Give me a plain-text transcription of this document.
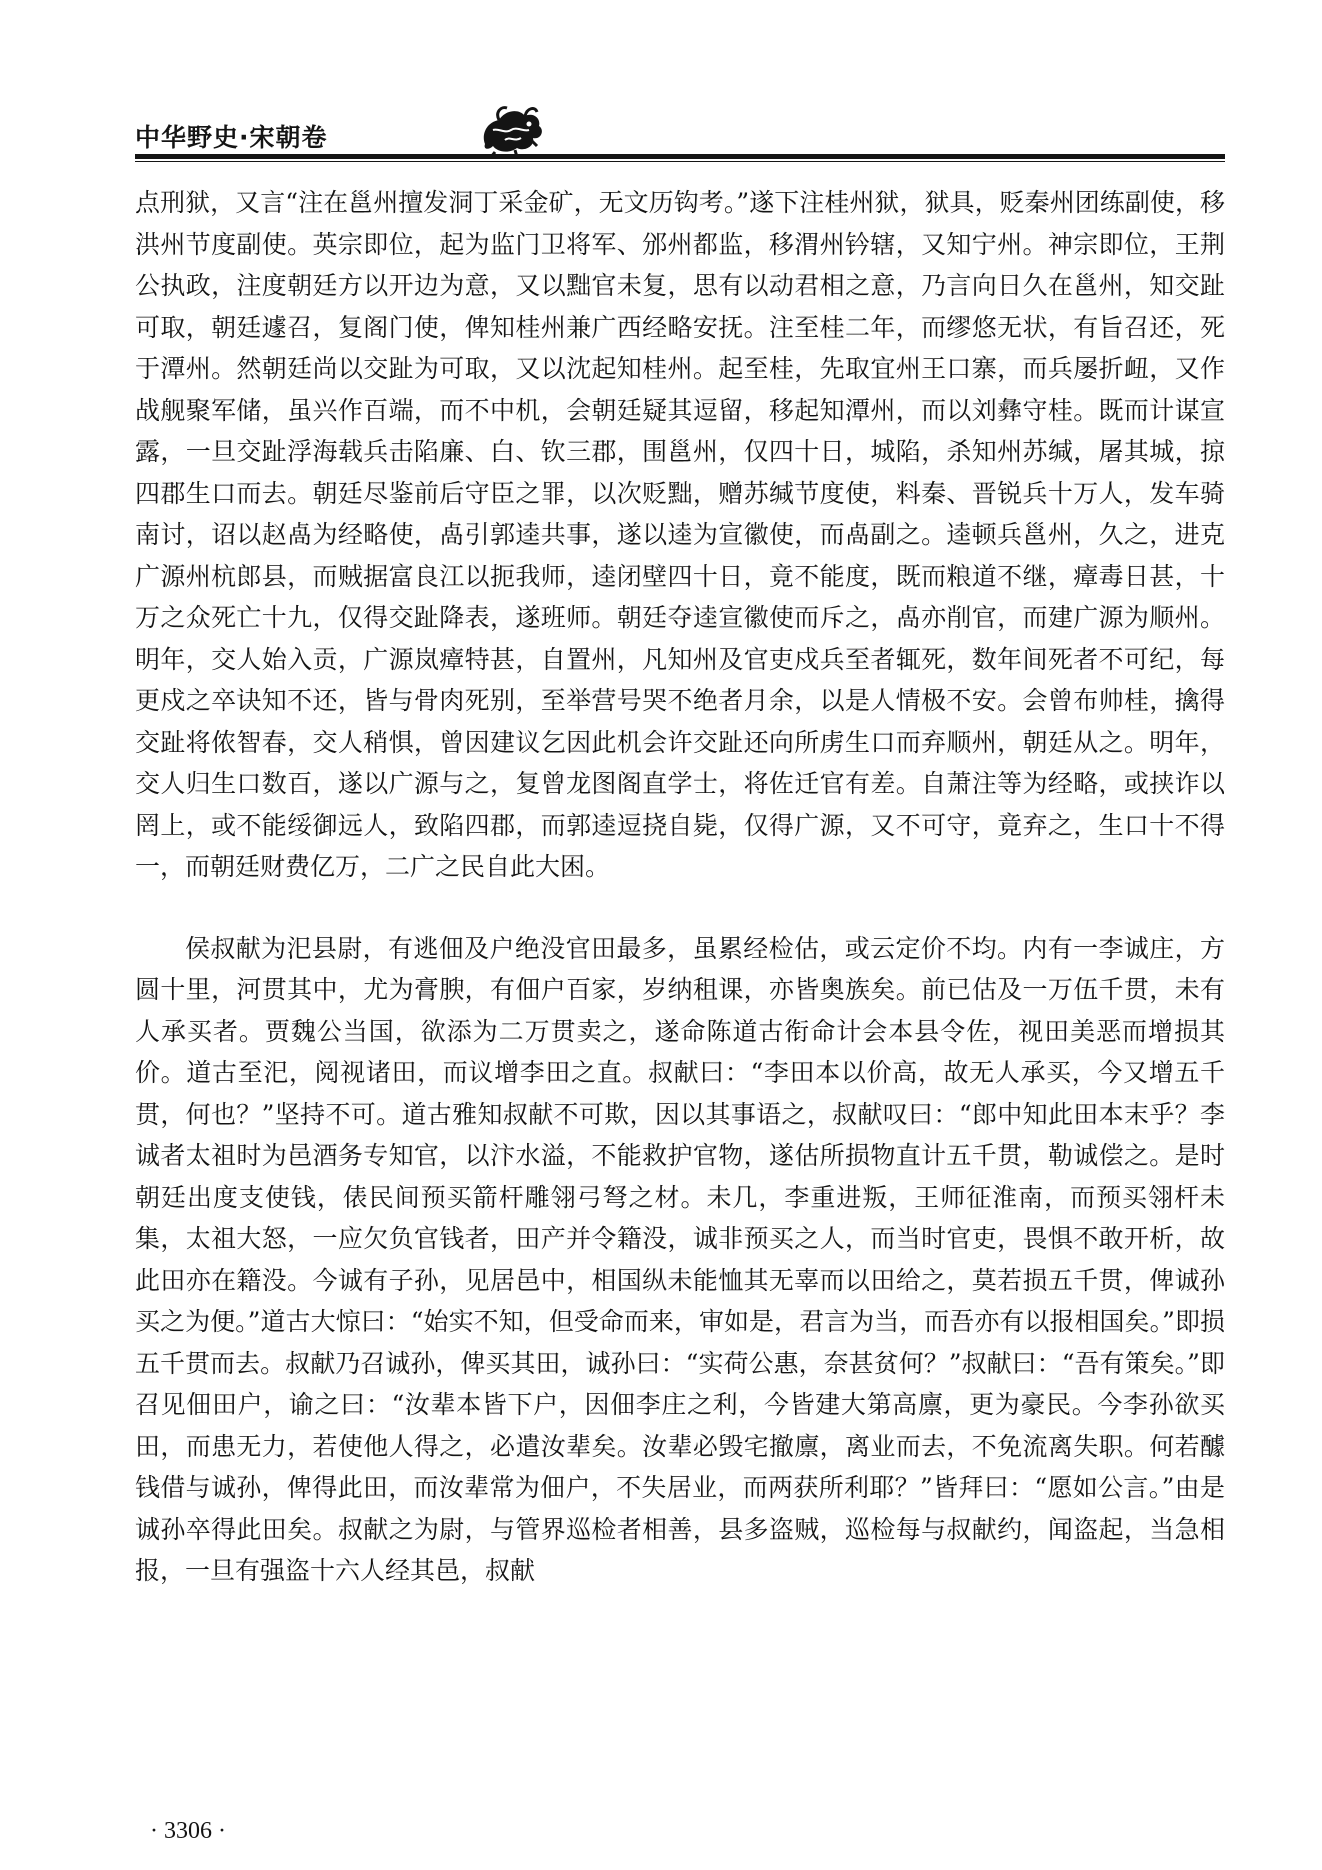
中华野史·宋朝卷

点刑狱，又言“注在邕州擅发洞丁采金矿，无文历钩考。”遂下注桂州狱，狱具，贬秦州团练副使，移洪州节度副使。英宗即位，起为监门卫将军、邠州都监，移渭州钤辖，又知宁州。神宗即位，王荆公执政，注度朝廷方以开边为意，又以黜官未复，思有以动君相之意，乃言向日久在邕州，知交趾可取，朝廷遽召，复阁门使，俾知桂州兼广西经略安抚。注至桂二年，而缪悠无状，有旨召还，死于潭州。然朝廷尚以交趾为可取，又以沈起知桂州。起至桂，先取宜州王口寨，而兵屡折衄，又作战舰聚军储，虽兴作百端，而不中机，会朝廷疑其逗留，移起知潭州，而以刘彝守桂。既而计谋宣露，一旦交趾浮海载兵击陷廉、白、钦三郡，围邕州，仅四十日，城陷，杀知州苏缄，屠其城，掠四郡生口而去。朝廷尽鉴前后守臣之罪，以次贬黜，赠苏缄节度使，料秦、晋锐兵十万人，发车骑南讨，诏以赵卨为经略使，卨引郭逵共事，遂以逵为宣徽使，而卨副之。逵顿兵邕州，久之，进克广源州杭郎县，而贼据富良江以扼我师，逵闭壁四十日，竟不能度，既而粮道不继，瘴毒日甚，十万之众死亡十九，仅得交趾降表，遂班师。朝廷夺逵宣徽使而斥之，卨亦削官，而建广源为顺州。明年，交人始入贡，广源岚瘴特甚，自置州，凡知州及官吏戍兵至者辄死，数年间死者不可纪，每更戍之卒诀知不还，皆与骨肉死别，至举营号哭不绝者月余，以是人情极不安。会曾布帅桂，擒得交趾将侬智春，交人稍惧，曾因建议乞因此机会许交趾还向所虏生口而弃顺州，朝廷从之。明年，交人归生口数百，遂以广源与之，复曾龙图阁直学士，将佐迁官有差。自萧注等为经略，或挟诈以罔上，或不能绥御远人，致陷四郡，而郭逵逗挠自毙，仅得广源，又不可守，竟弃之，生口十不得一，而朝廷财费亿万，二广之民自此大困。

侯叔献为汜县尉，有逃佃及户绝没官田最多，虽累经检估，或云定价不均。内有一李诚庄，方圆十里，河贯其中，尤为膏腴，有佃户百家，岁纳租课，亦皆奥族矣。前已估及一万伍千贯，未有人承买者。贾魏公当国，欲添为二万贯卖之，遂命陈道古衔命计会本县令佐，视田美恶而增损其价。道古至汜，阅视诸田，而议增李田之直。叔献曰：“李田本以价高，故无人承买，今又增五千贯，何也？”坚持不可。道古雅知叔献不可欺，因以其事语之，叔献叹曰：“郎中知此田本末乎？李诚者太祖时为邑酒务专知官，以汴水溢，不能救护官物，遂估所损物直计五千贯，勒诚偿之。是时朝廷出度支使钱，俵民间预买箭杆雕翎弓弩之材。未几，李重进叛，王师征淮南，而预买翎杆未集，太祖大怒，一应欠负官钱者，田产并令籍没，诚非预买之人，而当时官吏，畏惧不敢开析，故此田亦在籍没。今诚有子孙，见居邑中，相国纵未能恤其无辜而以田给之，莫若损五千贯，俾诚孙买之为便。”道古大惊曰：“始实不知，但受命而来，审如是，君言为当，而吾亦有以报相国矣。”即损五千贯而去。叔献乃召诚孙，俾买其田，诚孙曰：“实荷公惠，奈甚贫何？”叔献曰：“吾有策矣。”即召见佃田户，谕之曰：“汝辈本皆下户，因佃李庄之利，今皆建大第高廪，更为豪民。今李孙欲买田，而患无力，若使他人得之，必遣汝辈矣。汝辈必毁宅撤廪，离业而去，不免流离失职。何若醵钱借与诚孙，俾得此田，而汝辈常为佃户，不失居业，而两获所利耶？”皆拜曰：“愿如公言。”由是诚孙卒得此田矣。叔献之为尉，与管界巡检者相善，县多盗贼，巡检每与叔献约，闻盗起，当急相报，一旦有强盗十六人经其邑，叔献

· 3306 ·
